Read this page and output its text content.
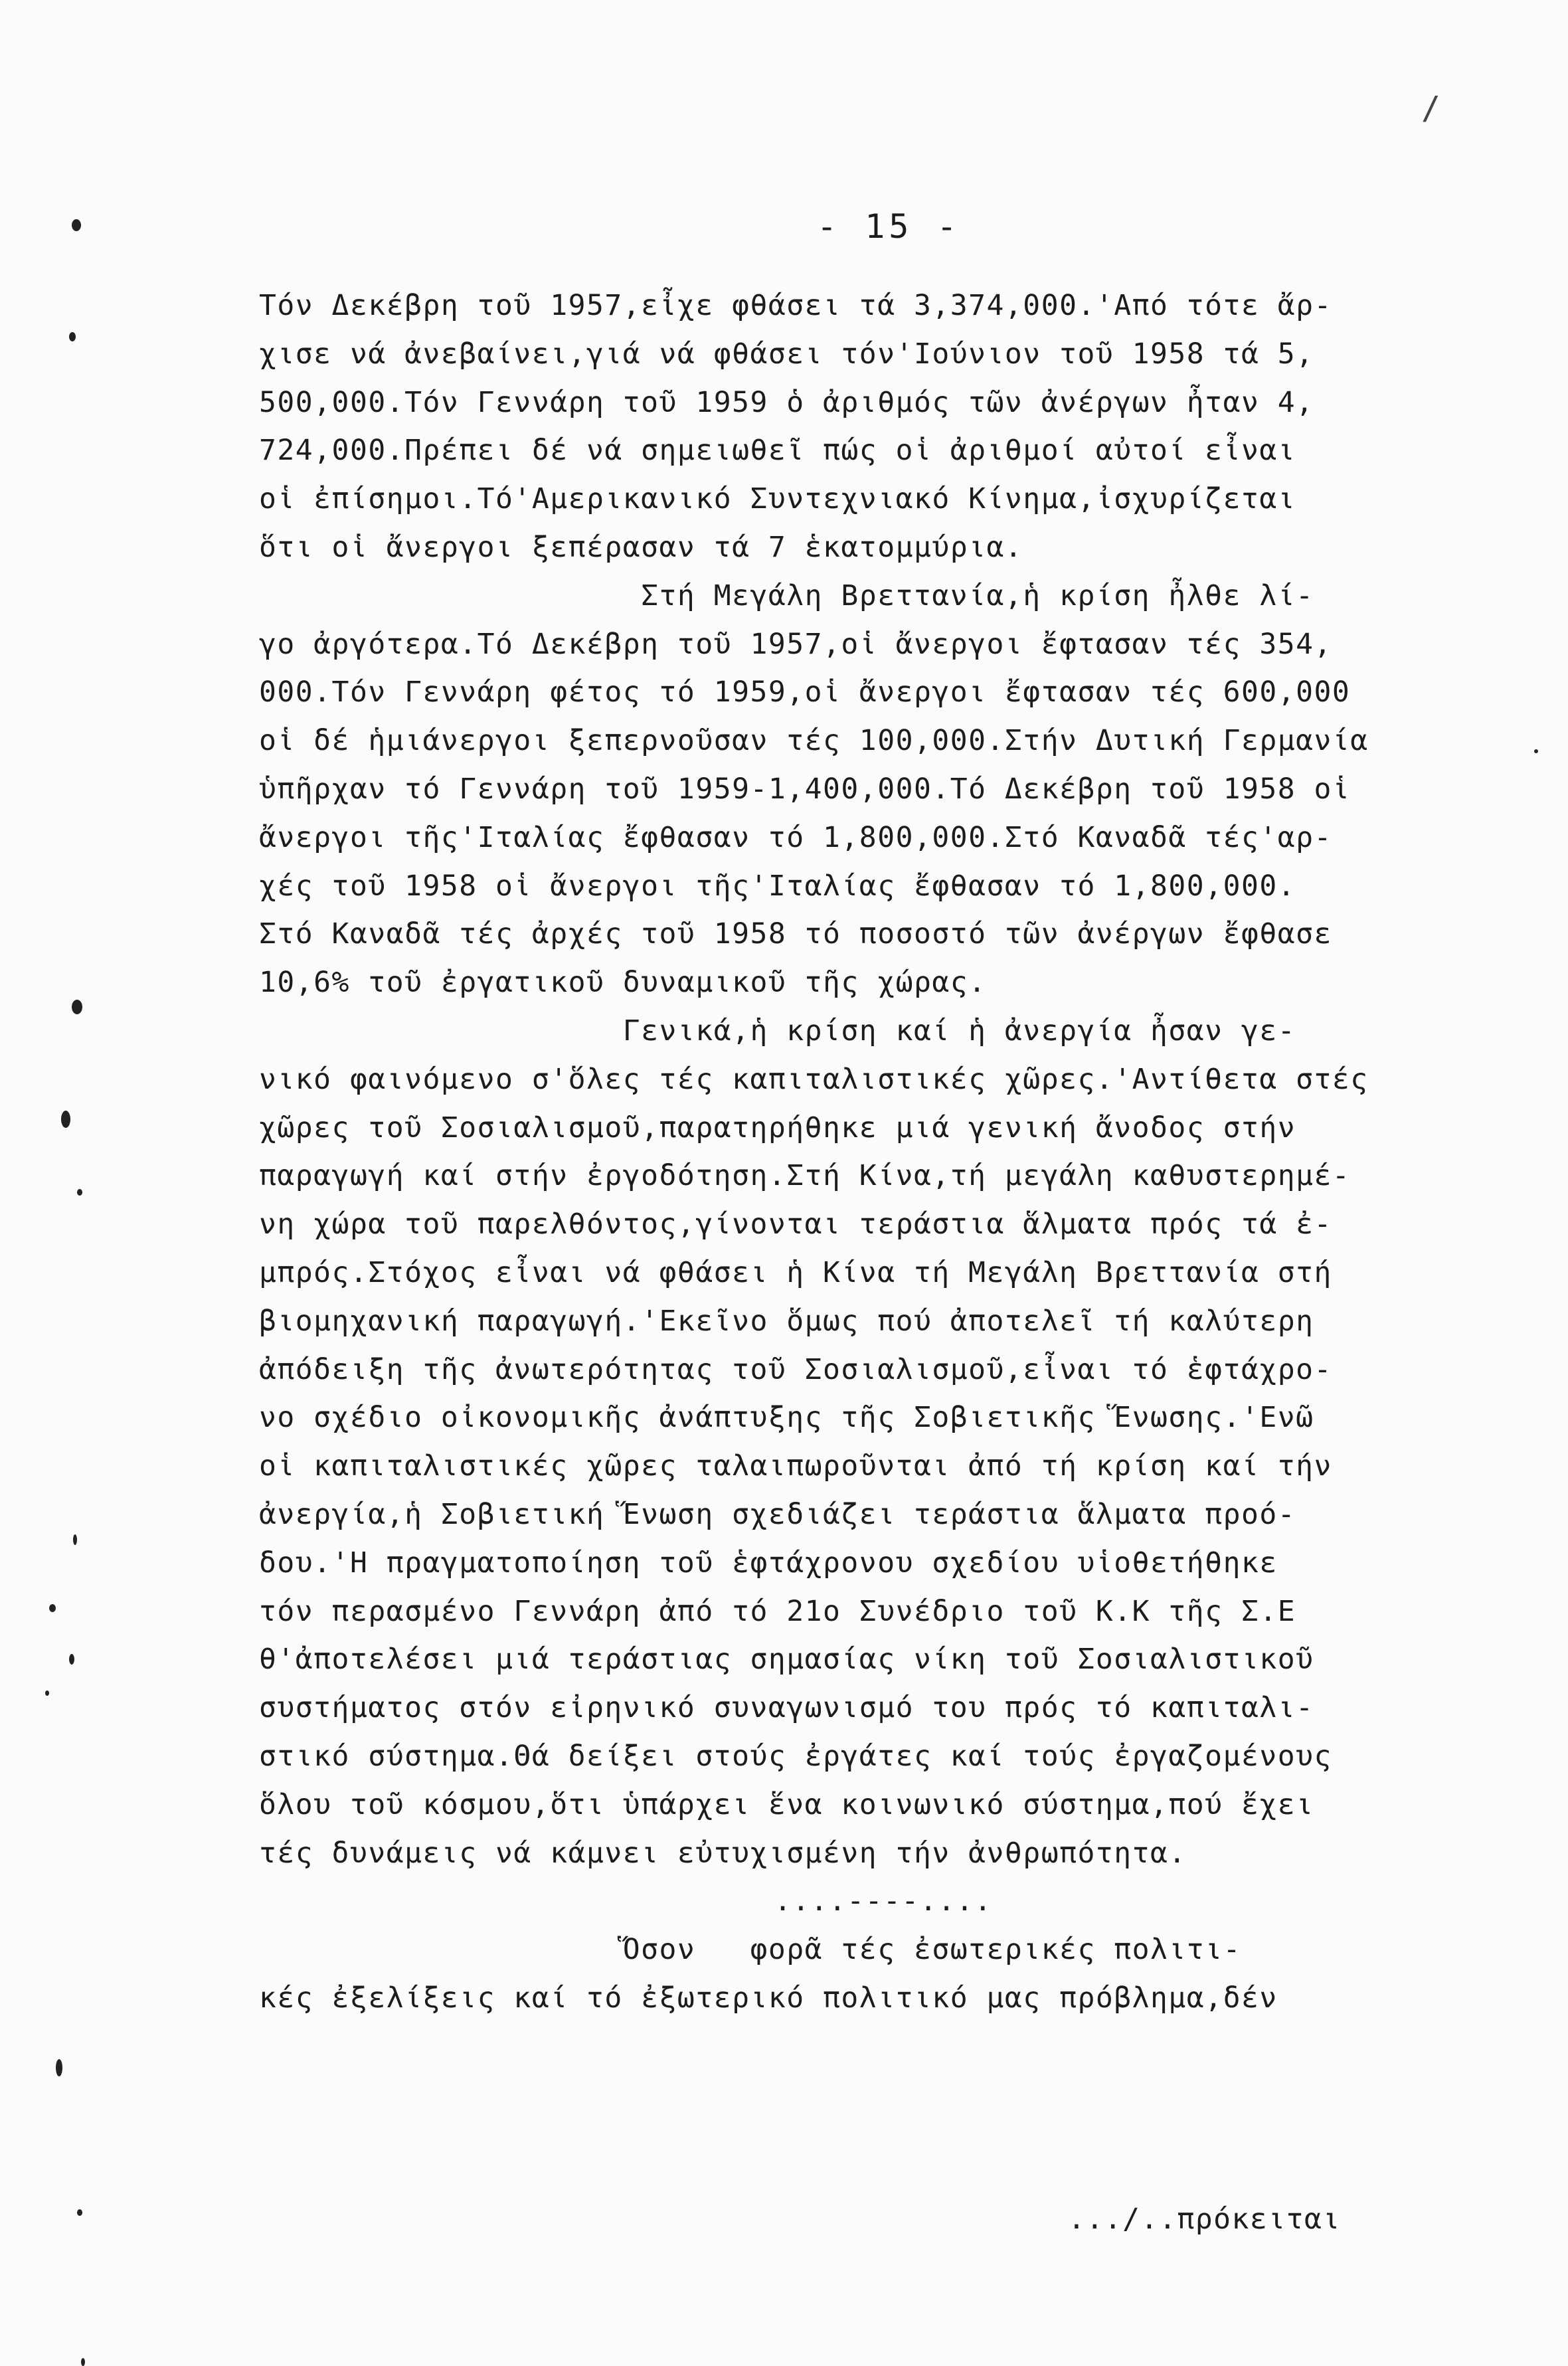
/
- 15 -
Τόν Δεκέβρη τοῦ 1957,εἶχε φθάσει τά 3,374,000.'Από τότε ἄρ-
χισε νά ἀνεβαίνει,γιά νά φθάσει τόν'Ιούνιον τοῦ 1958 τά 5,
500,000.Τόν Γεννάρη τοῦ 1959 ὁ ἀριθμός τῶν ἀνέργων ἦταν 4,
724,000.Πρέπει δέ νά σημειωθεῖ πώς οἱ ἀριθμοί αὐτοί εἶναι
οἱ ἐπίσημοι.Τό'Αμερικανικό Συντεχνιακό Κίνημα,ἰσχυρίζεται
ὅτι οἱ ἄνεργοι ξεπέρασαν τά 7 ἑκατομμύρια.
Στή Μεγάλη Βρεττανία,ἡ κρίση ἦλθε λί-
γο ἀργότερα.Τό Δεκέβρη τοῦ 1957,οἱ ἄνεργοι ἔφτασαν τές 354,
000.Τόν Γεννάρη φέτος τό 1959,οἱ ἄνεργοι ἔφτασαν τές 600,000
οἱ δέ ἡμιάνεργοι ξεπερνοῦσαν τές 100,000.Στήν Δυτική Γερμανία
ὑπῆρχαν τό Γεννάρη τοῦ 1959-1,400,000.Τό Δεκέβρη τοῦ 1958 οἱ
ἄνεργοι τῆς'Ιταλίας ἔφθασαν τό 1,800,000.Στό Καναδᾶ τές'αρ-
χές τοῦ 1958 οἱ ἄνεργοι τῆς'Ιταλίας ἔφθασαν τό 1,800,000.
Στό Καναδᾶ τές ἀρχές τοῦ 1958 τό ποσοστό τῶν ἀνέργων ἔφθασε
10,6% τοῦ ἐργατικοῦ δυναμικοῦ τῆς χώρας.
Γενικά,ἡ κρίση καί ἡ ἀνεργία ἦσαν γε-
νικό φαινόμενο σ'ὅλες τές καπιταλιστικές χῶρες.'Αντίθετα στές
χῶρες τοῦ Σοσιαλισμοῦ,παρατηρήθηκε μιά γενική ἄνοδος στήν
παραγωγή καί στήν ἐργοδότηση.Στή Κίνα,τή μεγάλη καθυστερημέ-
νη χώρα τοῦ παρελθόντος,γίνονται τεράστια ἅλματα πρός τά ἐ-
μπρός.Στόχος εἶναι νά φθάσει ἡ Κίνα τή Μεγάλη Βρεττανία στή
βιομηχανική παραγωγή.'Εκεῖνο ὅμως πού ἀποτελεῖ τή καλύτερη
ἀπόδειξη τῆς ἀνωτερότητας τοῦ Σοσιαλισμοῦ,εἶναι τό ἑφτάχρο-
νο σχέδιο οἰκονομικῆς ἀνάπτυξης τῆς Σοβιετικῆς Ἕνωσης.'Ενῶ
οἱ καπιταλιστικές χῶρες ταλαιπωροῦνται ἀπό τή κρίση καί τήν
ἀνεργία,ἡ Σοβιετική Ἕνωση σχεδιάζει τεράστια ἅλματα προό-
δου.'Η πραγματοποίηση τοῦ ἑφτάχρονου σχεδίου υἱοθετήθηκε
τόν περασμένο Γεννάρη ἀπό τό 21ο Συνέδριο τοῦ Κ.Κ τῆς Σ.Ε
θ'ἀποτελέσει μιά τεράστιας σημασίας νίκη τοῦ Σοσιαλιστικοῦ
συστήματος στόν εἰρηνικό συναγωνισμό του πρός τό καπιταλι-
στικό σύστημα.Θά δείξει στούς ἐργάτες καί τούς ἐργαζομένους
ὅλου τοῦ κόσμου,ὅτι ὑπάρχει ἕνα κοινωνικό σύστημα,πού ἔχει
τές δυνάμεις νά κάμνει εὐτυχισμένη τήν ἀνθρωπότητα.
....----....
Ὅσον   φορᾶ τές ἐσωτερικές πολιτι-
κές ἐξελίξεις καί τό ἐξωτερικό πολιτικό μας πρόβλημα,δέν
.../..πρόκειται
